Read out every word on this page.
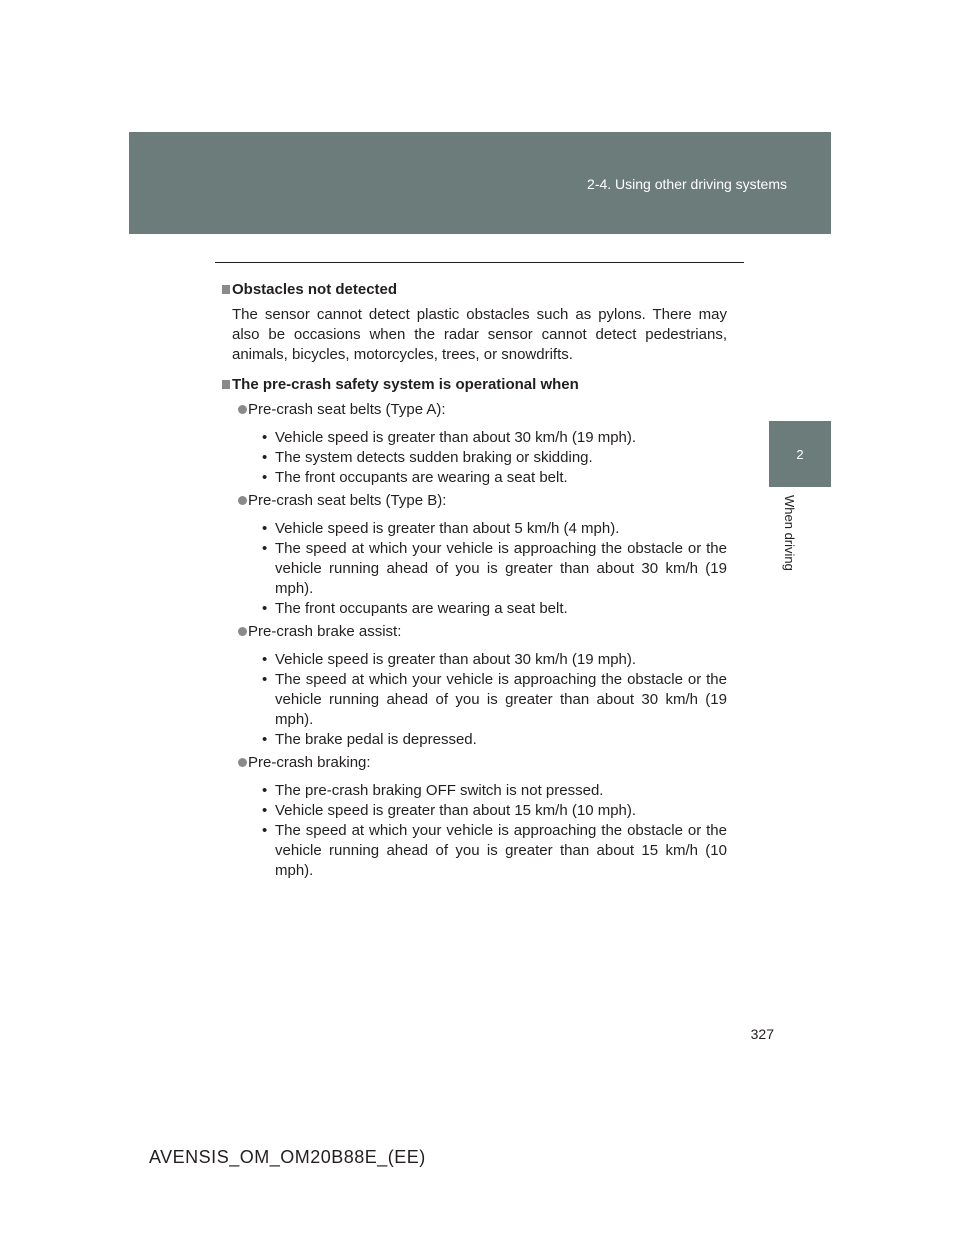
2-4. Using other driving systems
2
When driving
Obstacles not detected
The sensor cannot detect plastic obstacles such as pylons. There may also be occasions when the radar sensor cannot detect pedestrians, animals, bicycles, motorcycles, trees, or snowdrifts.
The pre-crash safety system is operational when
Pre-crash seat belts (Type A):
• Vehicle speed is greater than about 30 km/h (19 mph).
• The system detects sudden braking or skidding.
• The front occupants are wearing a seat belt.
Pre-crash seat belts (Type B):
• Vehicle speed is greater than about 5 km/h (4 mph).
• The speed at which your vehicle is approaching the obstacle or the vehicle running ahead of you is greater than about 30 km/h (19 mph).
• The front occupants are wearing a seat belt.
Pre-crash brake assist:
• Vehicle speed is greater than about 30 km/h (19 mph).
• The speed at which your vehicle is approaching the obstacle or the vehicle running ahead of you is greater than about 30 km/h (19 mph).
• The brake pedal is depressed.
Pre-crash braking:
• The pre-crash braking OFF switch is not pressed.
• Vehicle speed is greater than about 15 km/h (10 mph).
• The speed at which your vehicle is approaching the obstacle or the vehicle running ahead of you is greater than about 15 km/h (10 mph).
327
AVENSIS_OM_OM20B88E_(EE)
